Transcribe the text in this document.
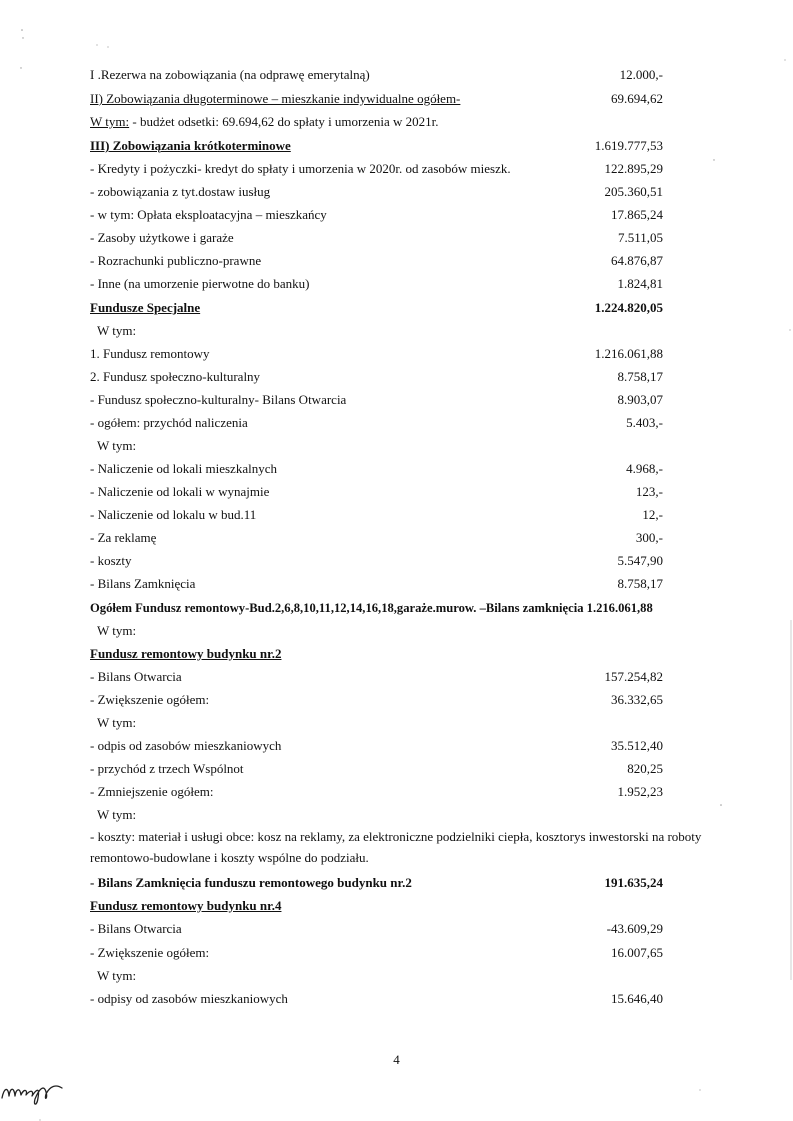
I .Rezerwa na zobowiązania (na odprawę emerytalną)	12.000,-
II) Zobowiązania długoterminowe – mieszkanie indywidualne ogółem-	69.694,62
W tym: - budżet odsetki: 69.694,62 do spłaty i umorzenia w 2021r.
III) Zobowiązania krótkoterminowe	1.619.777,53
- Kredyty i pożyczki- kredyt do spłaty i umorzenia w 2020r. od zasobów mieszk.	122.895,29
- zobowiązania z tyt.dostaw iusług	205.360,51
- w tym: Opłata eksploatacyjna – mieszkańcy	17.865,24
- Zasoby użytkowe i garaże	7.511,05
- Rozrachunki publiczno-prawne	64.876,87
- Inne (na umorzenie pierwotne do banku)	1.824,81
Fundusze Specjalne	1.224.820,05
W tym:
1. Fundusz remontowy	1.216.061,88
2. Fundusz społeczno-kulturalny	8.758,17
- Fundusz społeczno-kulturalny- Bilans Otwarcia	8.903,07
- ogółem: przychód naliczenia	5.403,-
W tym:
- Naliczenie od lokali mieszkalnych	4.968,-
- Naliczenie od lokali w wynajmie	123,-
- Naliczenie od lokalu w bud.11	12,-
- Za reklamę	300,-
- koszty	5.547,90
- Bilans Zamknięcia	8.758,17
Ogółem Fundusz remontowy-Bud.2,6,8,10,11,12,14,16,18,garaże.murow. –Bilans zamknięcia 1.216.061,88
W tym:
Fundusz remontowy budynku nr.2
- Bilans Otwarcia	157.254,82
- Zwiększenie ogółem:	36.332,65
W tym:
- odpis od zasobów mieszkaniowych	35.512,40
- przychód z trzech Wspólnot	820,25
- Zmniejszenie ogółem:	1.952,23
W tym:
- koszty: materiał i usługi obce: kosz na reklamy, za elektroniczne podzielniki ciepła, kosztorys inwestorski na roboty
remontowo-budowlane i koszty wspólne do podziału.
- Bilans Zamknięcia funduszu remontowego budynku nr.2	191.635,24
Fundusz remontowy budynku nr.4
- Bilans Otwarcia	-43.609,29
- Zwiększenie ogółem:	16.007,65
W tym:
- odpisy od zasobów mieszkaniowych	15.646,40
4
